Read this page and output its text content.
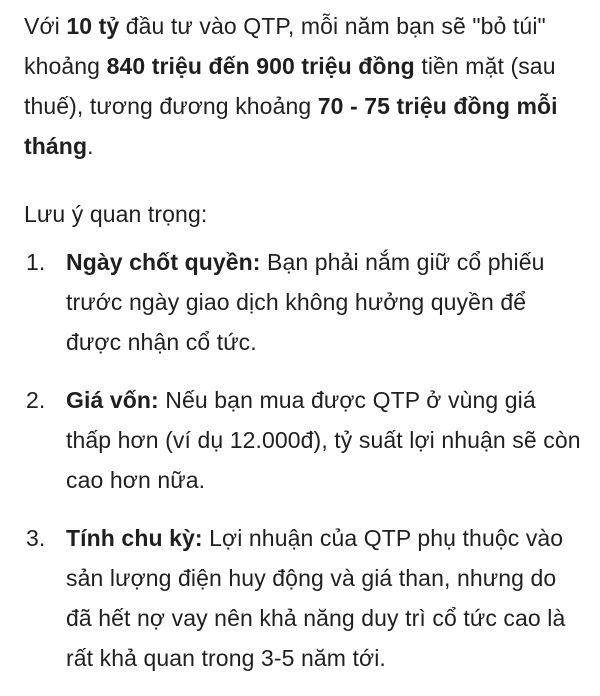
Với 10 tỷ đầu tư vào QTP, mỗi năm bạn sẽ "bỏ túi" khoảng 840 triệu đến 900 triệu đồng tiền mặt (sau thuế), tương đương khoảng 70 - 75 triệu đồng mỗi tháng.

Lưu ý quan trọng:

1. Ngày chốt quyền: Bạn phải nắm giữ cổ phiếu trước ngày giao dịch không hưởng quyền để được nhận cổ tức.
2. Giá vốn: Nếu bạn mua được QTP ở vùng giá thấp hơn (ví dụ 12.000đ), tỷ suất lợi nhuận sẽ còn cao hơn nữa.
3. Tính chu kỳ: Lợi nhuận của QTP phụ thuộc vào sản lượng điện huy động và giá than, nhưng do đã hết nợ vay nên khả năng duy trì cổ tức cao là rất khả quan trong 3-5 năm tới.
